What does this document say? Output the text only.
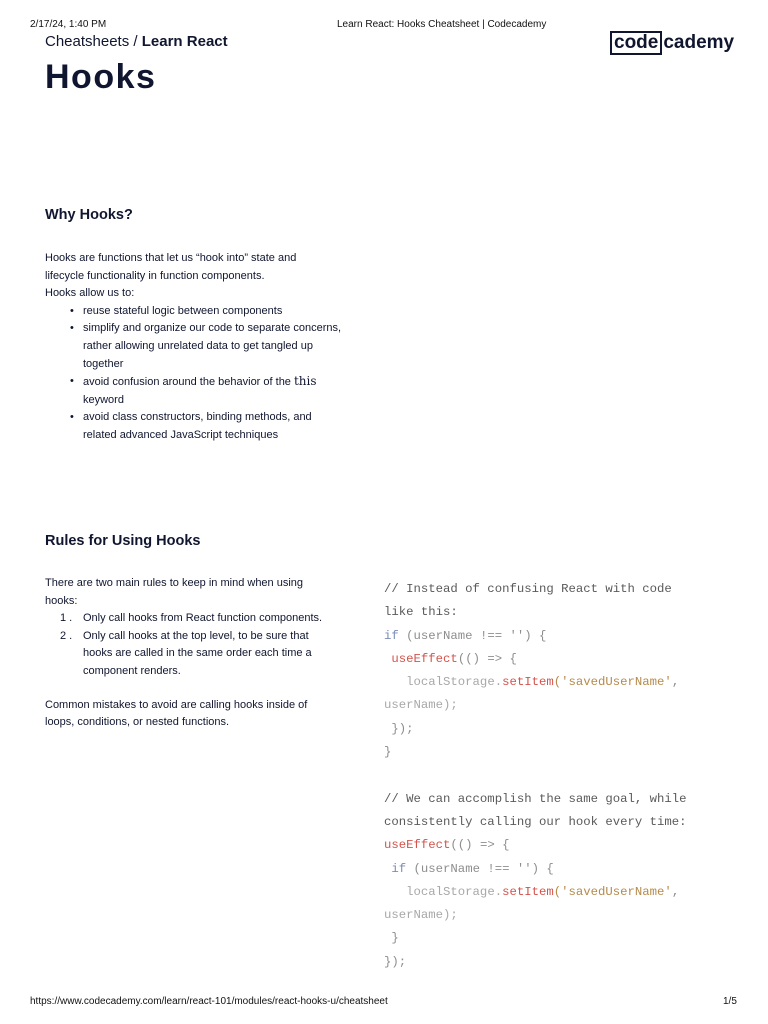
2/17/24, 1:40 PM	Learn React: Hooks Cheatsheet | Codecademy
Cheatsheets / Learn React	code cademy
Hooks
Why Hooks?

Hooks are functions that let us “hook into” state and

lifecycle functionality in function components.

Hooks allow us to:

• reuse stateful logic between components
• simplify and organize our code to separate concerns, rather allowing unrelated data to get tangled up together
• avoid confusion around the behavior of the this
keyword
• avoid class constructors, binding methods, and related advanced JavaScript techniques
Rules for Using Hooks

There are two main rules to keep in mind when using hooks:

1 . Only call hooks from React function components.
2 . Only call hooks at the top level, to be sure that hooks are called in the same order each time a component renders.

Common mistakes to avoid are calling hooks inside of loops, conditions, or nested functions.

// Instead of confusing React with code
like this:
if (userName !== '') {
useEffect(() => {
localStorage.setItem('savedUserName',
userName);
});
}

// We can accomplish the same goal, while
consistently calling our hook every time:
useEffect(() => {
if (userName !== '') {
localStorage.setItem('savedUserName',
userName);
}
});
https://www.codecademy.com/learn/react-101/modules/react-hooks-u/cheatsheet	1/5
